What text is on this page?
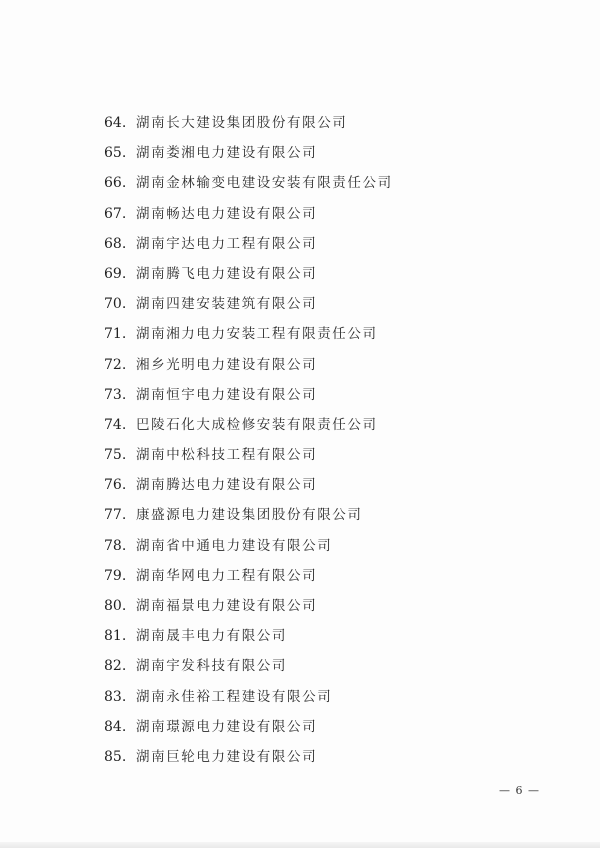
64. 湖南长大建设集团股份有限公司
65. 湖南娄湘电力建设有限公司
66. 湖南金林输变电建设安装有限责任公司
67. 湖南畅达电力建设有限公司
68. 湖南宇达电力工程有限公司
69. 湖南腾飞电力建设有限公司
70. 湖南四建安装建筑有限公司
71. 湖南湘力电力安装工程有限责任公司
72. 湘乡光明电力建设有限公司
73. 湖南恒宇电力建设有限公司
74. 巴陵石化大成检修安装有限责任公司
75. 湖南中松科技工程有限公司
76. 湖南腾达电力建设有限公司
77. 康盛源电力建设集团股份有限公司
78. 湖南省中通电力建设有限公司
79. 湖南华网电力工程有限公司
80. 湖南福景电力建设有限公司
81. 湖南晟丰电力有限公司
82. 湖南宇发科技有限公司
83. 湖南永佳裕工程建设有限公司
84. 湖南璟源电力建设有限公司
85. 湖南巨轮电力建设有限公司
— 6 —
